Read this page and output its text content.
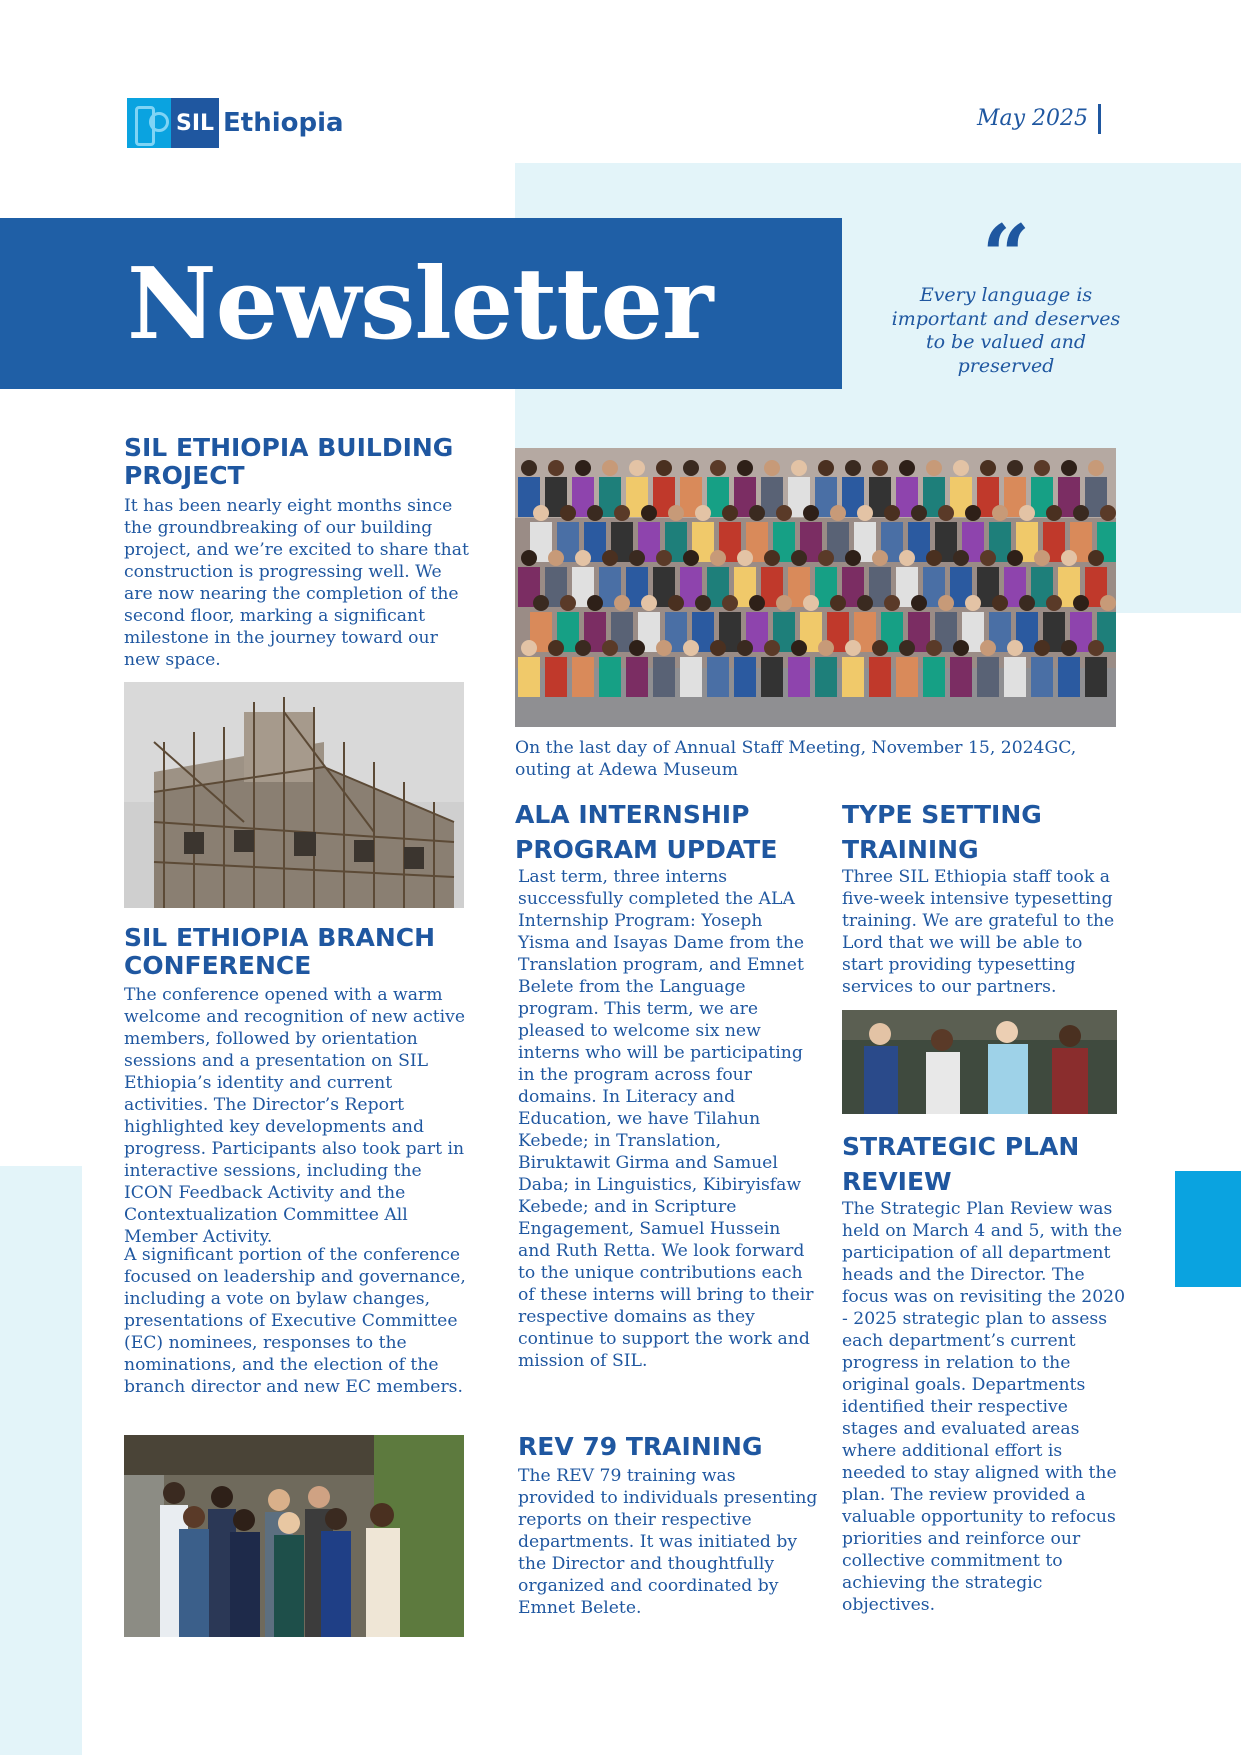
SIL Ethiopia	May 2025
Newsletter	“
Every language is important and deserves to be valued and preserved
SIL ETHIOPIA BUILDING PROJECT

It has been nearly eight months since the groundbreaking of our building project, and we’re excited to share that construction is progressing well. We are now nearing the completion of the second floor, marking a significant milestone in the journey toward our new space.

SIL ETHIOPIA BRANCH CONFERENCE

The conference opened with a warm welcome and recognition of new active members, followed by orientation sessions and a presentation on SIL Ethiopia’s identity and current activities. The Director’s Report highlighted key developments and progress. Participants also took part in interactive sessions, including the ICON Feedback Activity and the Contextualization Committee All Member Activity.

A significant portion of the conference focused on leadership and governance, including a vote on bylaw changes, presentations of Executive Committee (EC) nominees, responses to the nominations, and the election of the branch director and new EC members.

On the last day of Annual Staff Meeting, November 15, 2024GC, outing at Adewa Museum
ALA INTERNSHIP PROGRAM UPDATE

Last term, three interns successfully completed the ALA Internship Program: Yoseph Yisma and Isayas Dame from the Translation program, and Emnet Belete from the Language program. This term, we are pleased to welcome six new interns who will be participating in the program across four domains. In Literacy and Education, we have Tilahun Kebede; in Translation, Biruktawit Girma and Samuel Daba; in Linguistics, Kibiryisfaw Kebede; and in Scripture Engagement, Samuel Hussein and Ruth Retta. We look forward to the unique contributions each of these interns will bring to their respective domains as they continue to support the work and mission of SIL.

REV 79 TRAINING

The REV 79 training was provided to individuals presenting reports on their respective departments. It was initiated by the Director and thoughtfully organized and coordinated by Emnet Belete.

TYPE SETTING TRAINING

Three SIL Ethiopia staff took a five-week intensive typesetting training. We are grateful to the Lord that we will be able to start providing typesetting services to our partners.

STRATEGIC PLAN REVIEW

The Strategic Plan Review was held on March 4 and 5, with the participation of all department heads and the Director. The focus was on revisiting the 2020 - 2025 strategic plan to assess each department’s current progress in relation to the original goals. Departments identified their respective stages and evaluated areas where additional effort is needed to stay aligned with the plan. The review provided a valuable opportunity to refocus priorities and reinforce our collective commitment to achieving the strategic objectives.
